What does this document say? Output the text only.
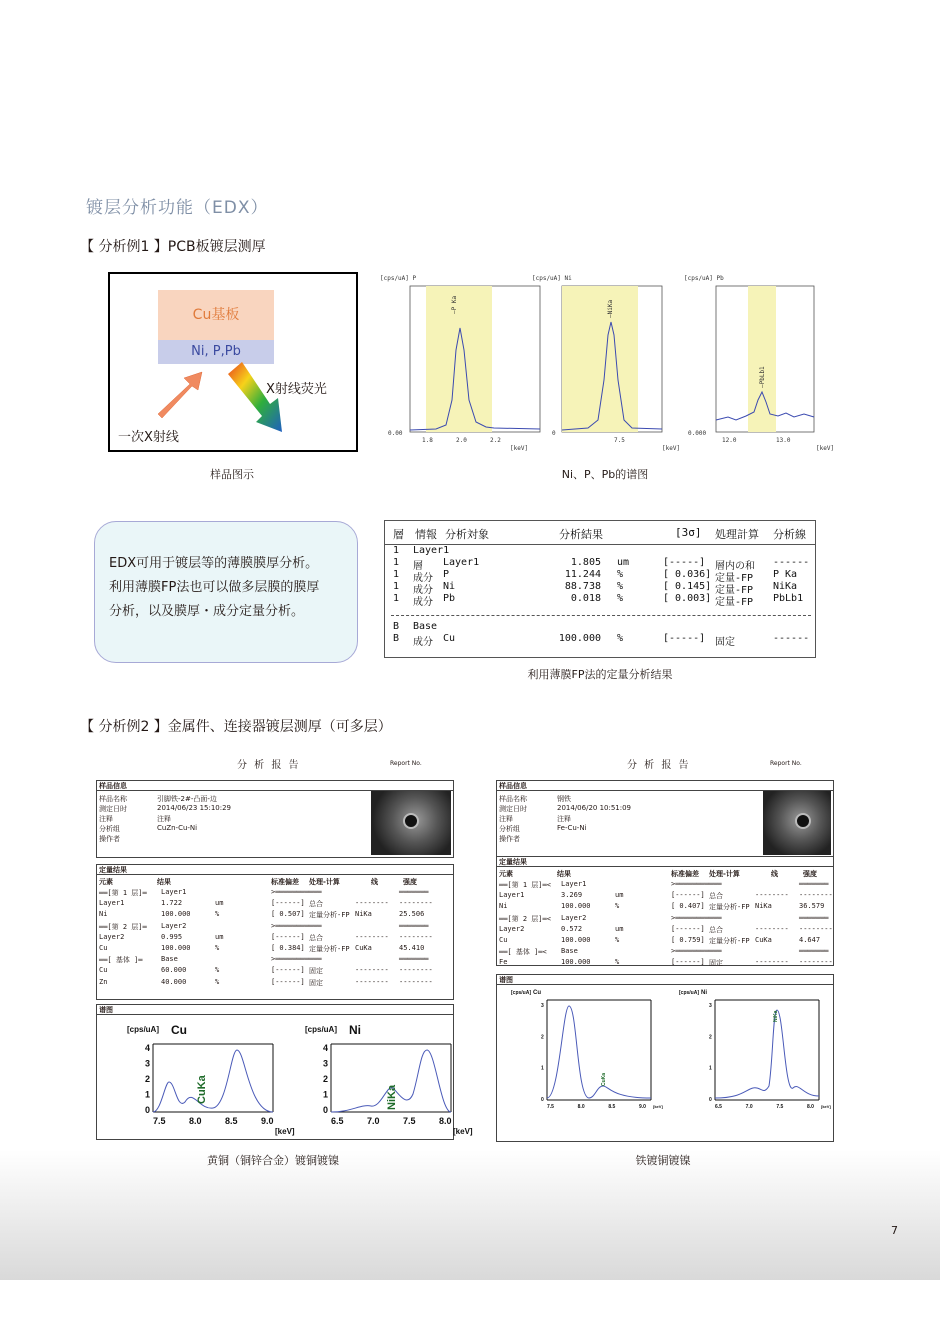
镀层分析功能（EDX）
【 分析例1 】PCB板镀层测厚
Cu基板
Ni, P,Pb
一次X射线
X射线荧光
样品图示
[cps/uA] P
—P Ka
0.00
1.8	2.0	2.2
[keV]
[cps/uA] Ni
—NiKa
0
7.5
[keV]
[cps/uA] Pb
—PbLb1
0.000
12.0	13.0
[keV]
Ni、P、Pb的谱图
EDX可用于镀层等的薄膜膜厚分析。
利用薄膜FP法也可以做多层膜的膜厚
分析，以及膜厚・成分定量分析。
層 情報 分析対象	分析結果	[3σ] 処理計算 分析線
1 Layer1
1 層 Layer1	1.805 um	[-----] 層内の和 ------
1 成分 P	11.244 %	[ 0.036] 定量-FP P Ka
1 成分 Ni	88.738 %	[ 0.145] 定量-FP NiKa
1 成分 Pb	0.018 %	[ 0.003] 定量-FP PbLb1
B Base
B 成分 Cu	100.000 %	[-----] 固定	------
利用薄膜FP法的定量分析结果
【 分析例2 】金属件、连接器镀层测厚（可多层）
分 析 报 告	Report No.
样品信息
样品名称	引脚铁-2#-凸面-边
测定日时	2014/06/23 15:10:29
注释	注释
分析组	CuZn-Cu-Ni
操作者
定量结果
元素	结果	标准偏差 处理-计算	线	强度
══[第 1 层]═ Layer1	>═══════════	═══════
Layer1	1.722	um	[------] 总合	-------- --------
Ni	100.000	%	[ 0.507] 定量分析-FP NiKa	25.506
══[第 2 层]═ Layer2	>═══════════	═══════
Layer2	0.995	um	[------] 总合	-------- --------
Cu	100.000	%	[ 0.384] 定量分析-FP CuKa	45.410
══[ 基体 ]═	Base	>═══════════	═══════
Cu	60.000	%	[------] 固定	-------- --------
Zn	40.000	%	[------] 固定	-------- --------
谱图
[cps/uA] Cu
4
3
2
1
0
7.5	8.0	8.5	9.0
[keV]
CuKa
[cps/uA] Ni
4
3
2
1
0
6.5	7.0	7.5	8.0
[keV]
NiKa
黄铜（铜锌合金）镀铜镀镍
分 析 报 告	Report No.
样品信息
样品名称	钢铁
测定日时	2014/06/20 10:51:09
注释	注释
分析组	Fe-Cu-Ni
操作者
定量结果
元素	结果	标准偏差 处理-计算	线	强度
══[第 1 层]═< Layer1	>═══════════	═══════
Layer1	3.269	um	[------] 总合	-------- --------
Ni	100.000	%	[ 0.407] 定量分析-FP NiKa	36.579
══[第 2 层]═< Layer2	>═══════════	═══════
Layer2	0.572	um	[------] 总合	-------- --------
Cu	100.000	%	[ 0.759] 定量分析-FP CuKa	4.647
══[ 基体 ]═< Base	>═══════════	═══════
Fe	100.000	%	[------] 固定	-------- --------
谱图
[cps/uA] Cu
3
2
1
0
7.5	8.0	8.5	9.0 [keV]
CuKa
[cps/uA] Ni
3
2
1
0
6.5	7.0	7.5	8.0 [keV]
NiKa
铁镀铜镀镍
7
